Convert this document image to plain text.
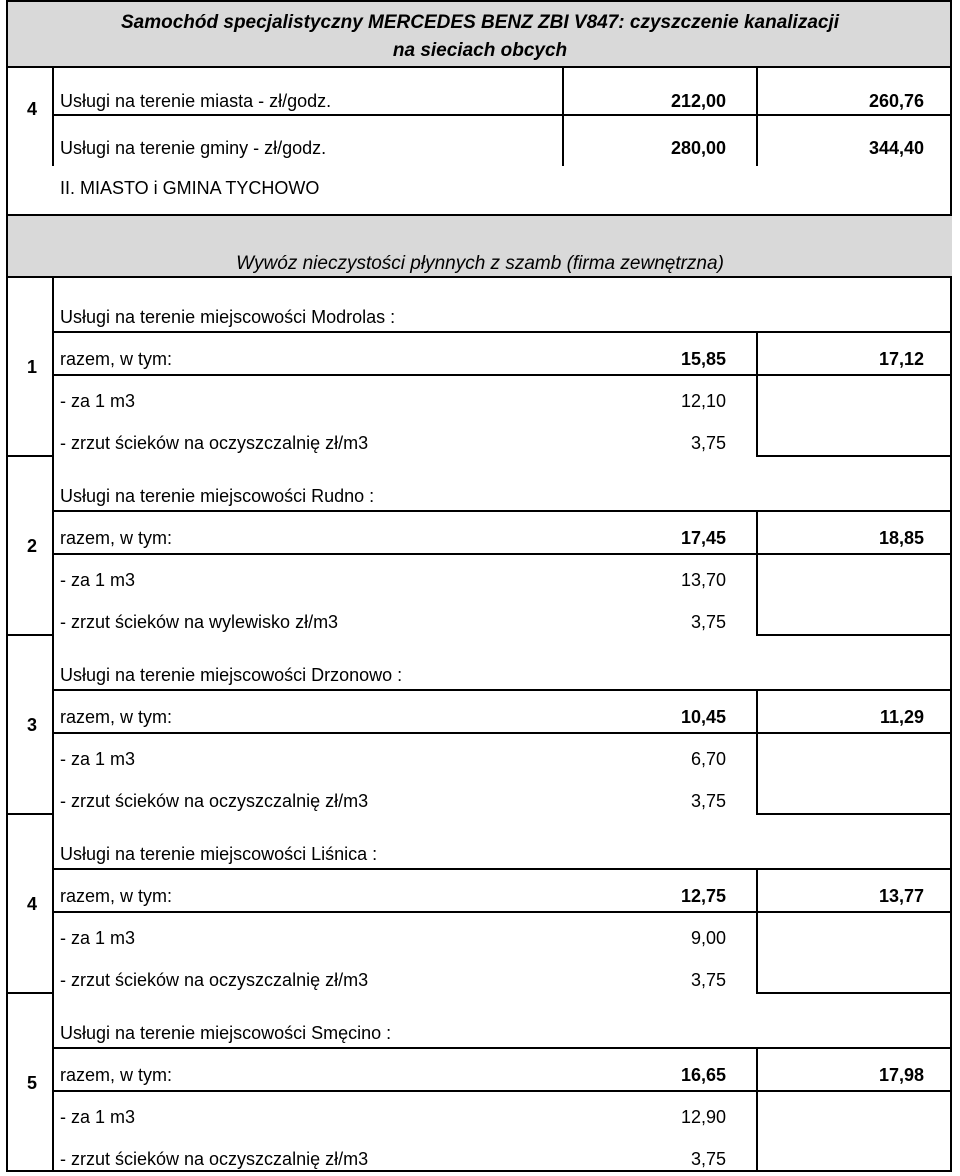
Samochód specjalistyczny MERCEDES BENZ ZBI V847: czyszczenie kanalizacji
na sieciach obcych
4	Usługi na terenie miasta - zł/godz.	212,00	260,76
Usługi na terenie gminy - zł/godz.	280,00	344,40
II. MIASTO i GMINA TYCHOWO
Wywóz nieczystości płynnych z szamb (firma zewnętrzna)
1
Usługi na terenie miejscowości Modrolas :
razem, w tym:	15,85	17,12
- za 1 m3	12,10
- zrzut ścieków na oczyszczalnię zł/m3	3,75
2
Usługi na terenie miejscowości Rudno :
razem, w tym:	17,45	18,85
- za 1 m3	13,70
- zrzut ścieków na wylewisko zł/m3	3,75
3
Usługi na terenie miejscowości Drzonowo :
razem, w tym:	10,45	11,29
- za 1 m3	6,70
- zrzut ścieków na oczyszczalnię zł/m3	3,75
4
Usługi na terenie miejscowości Liśnica :
razem, w tym:	12,75	13,77
- za 1 m3	9,00
- zrzut ścieków na oczyszczalnię zł/m3	3,75
5
Usługi na terenie miejscowości Smęcino :
razem, w tym:	16,65	17,98
- za 1 m3	12,90
- zrzut ścieków na oczyszczalnię zł/m3	3,75
